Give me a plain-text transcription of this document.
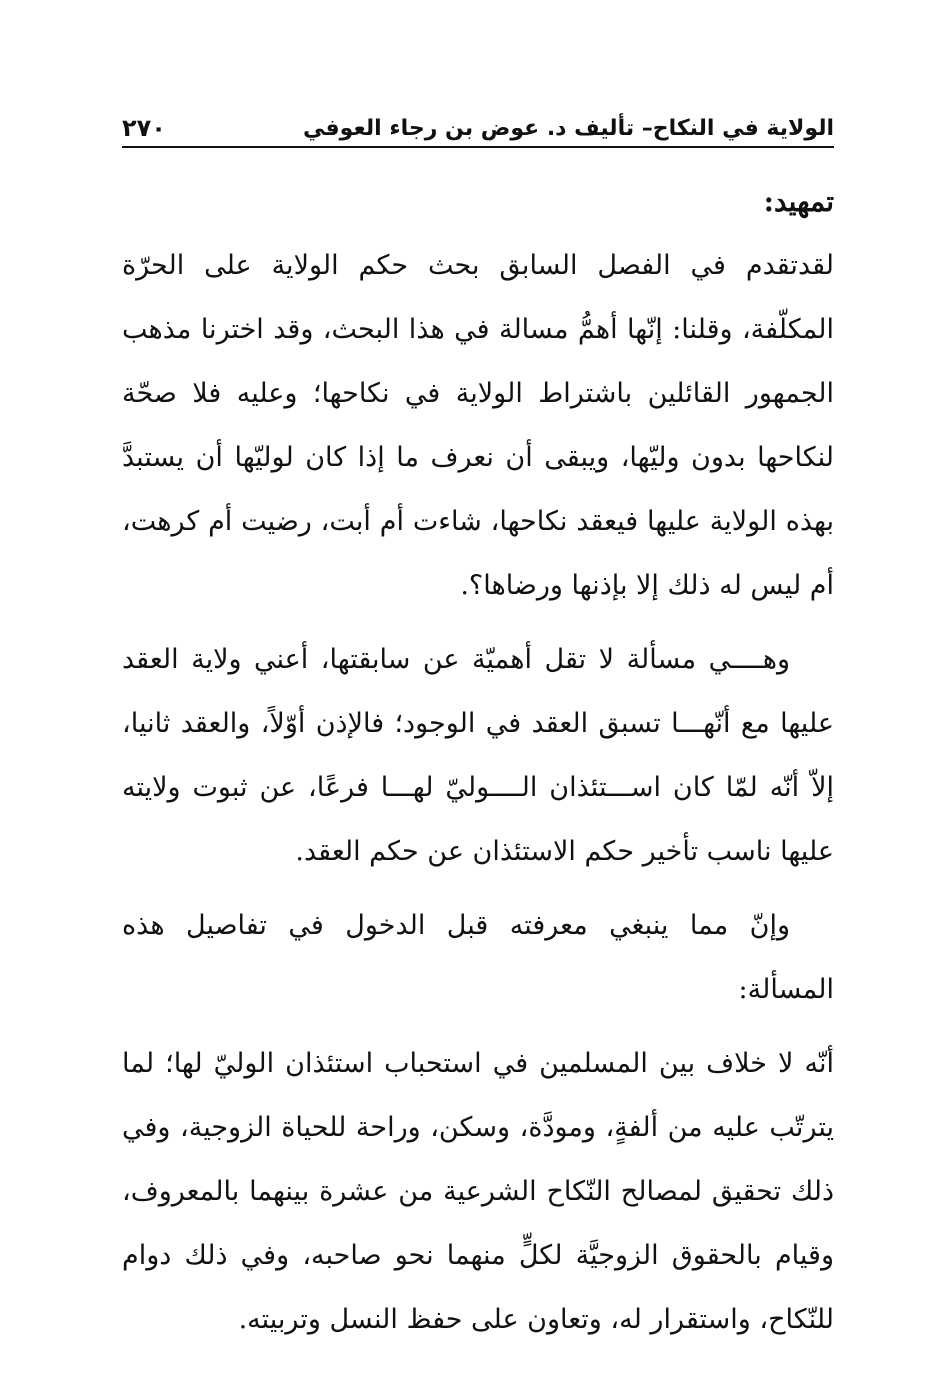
الولاية في النكاح– تأليف د. عوض بن رجاء العوفي
٢٧٠
تمهيد:

لقدتقدم في الفصل السابق بحث حكم الولاية على الحرّة المكلّفة، وقلنا: إنّها أهمُّ مسالة في هذا البحث، وقد اخترنا مذهب الجمهور القائلين باشتراط الولاية في نكاحها؛ وعليه فلا صحّة لنكاحها بدون وليّها، ويبقى أن نعرف ما إذا كان لوليّها أن يستبدَّ بهذه الولاية عليها فيعقد نكاحها، شاءت أم أبت، رضيت أم كرهت، أم ليس له ذلك إلا بإذنها ورضاها؟.

وهــــي مسألة لا تقل أهميّة عن سابقتها، أعني ولاية العقد عليها مع أنّهـــا تسبق العقد في الوجود؛ فالإذن أوّلاً، والعقد ثانيا، إلاّ أنّه لمّا كان اســـتئذان الــــوليّ لهـــا فرعًا، عن ثبوت ولايته عليها ناسب تأخير حكم الاستئذان عن حكم العقد.

وإنّ مما ينبغي معرفته قبل الدخول في تفاصيل هذه المسألة:

أنّه لا خلاف بين المسلمين في استحباب استئذان الوليّ لها؛ لما يترتّب عليه من ألفةٍ، ومودَّة، وسكن، وراحة للحياة الزوجية، وفي ذلك تحقيق لمصالح النّكاح الشرعية من عشرة بينهما بالمعروف، وقيام بالحقوق الزوجيَّة لكلٍّ منهما نحو صاحبه، وفي ذلك دوام للنّكاح، واستقرار له، وتعاون على حفظ النسل وتربيته.
